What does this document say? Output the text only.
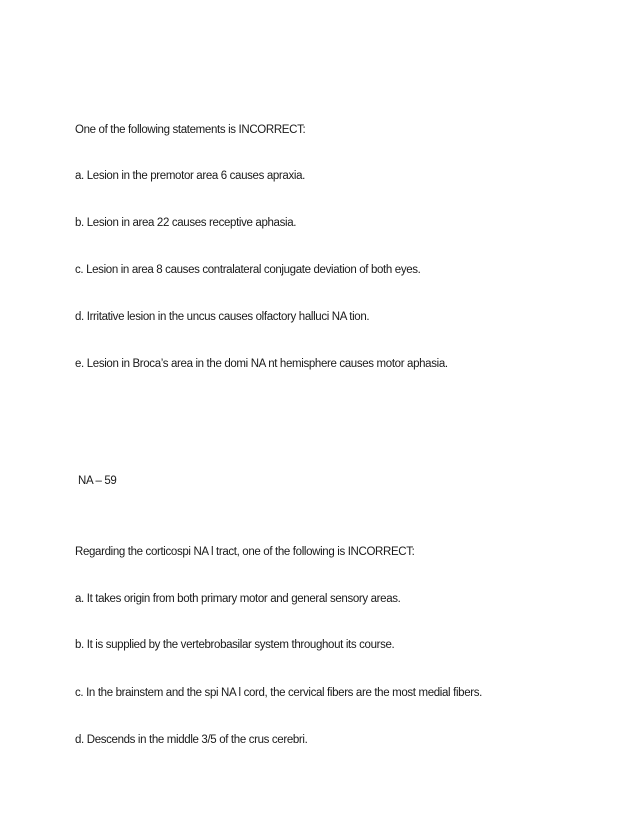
One of the following statements is INCORRECT:
a. Lesion in the premotor area 6 causes apraxia.
b. Lesion in area 22 causes receptive aphasia.
c. Lesion in area 8 causes contralateral conjugate deviation of both eyes.
d. Irritative lesion in the uncus causes olfactory halluci NA tion.
e. Lesion in Broca’s area in the domi NA nt hemisphere causes motor aphasia.
NA – 59
Regarding the corticospi NA l tract, one of the following is INCORRECT:
a. It takes origin from both primary motor and general sensory areas.
b. It is supplied by the vertebrobasilar system throughout its course.
c. In the brainstem and the spi NA l cord, the cervical fibers are the most medial fibers.
d. Descends in the middle 3/5 of the crus cerebri.
